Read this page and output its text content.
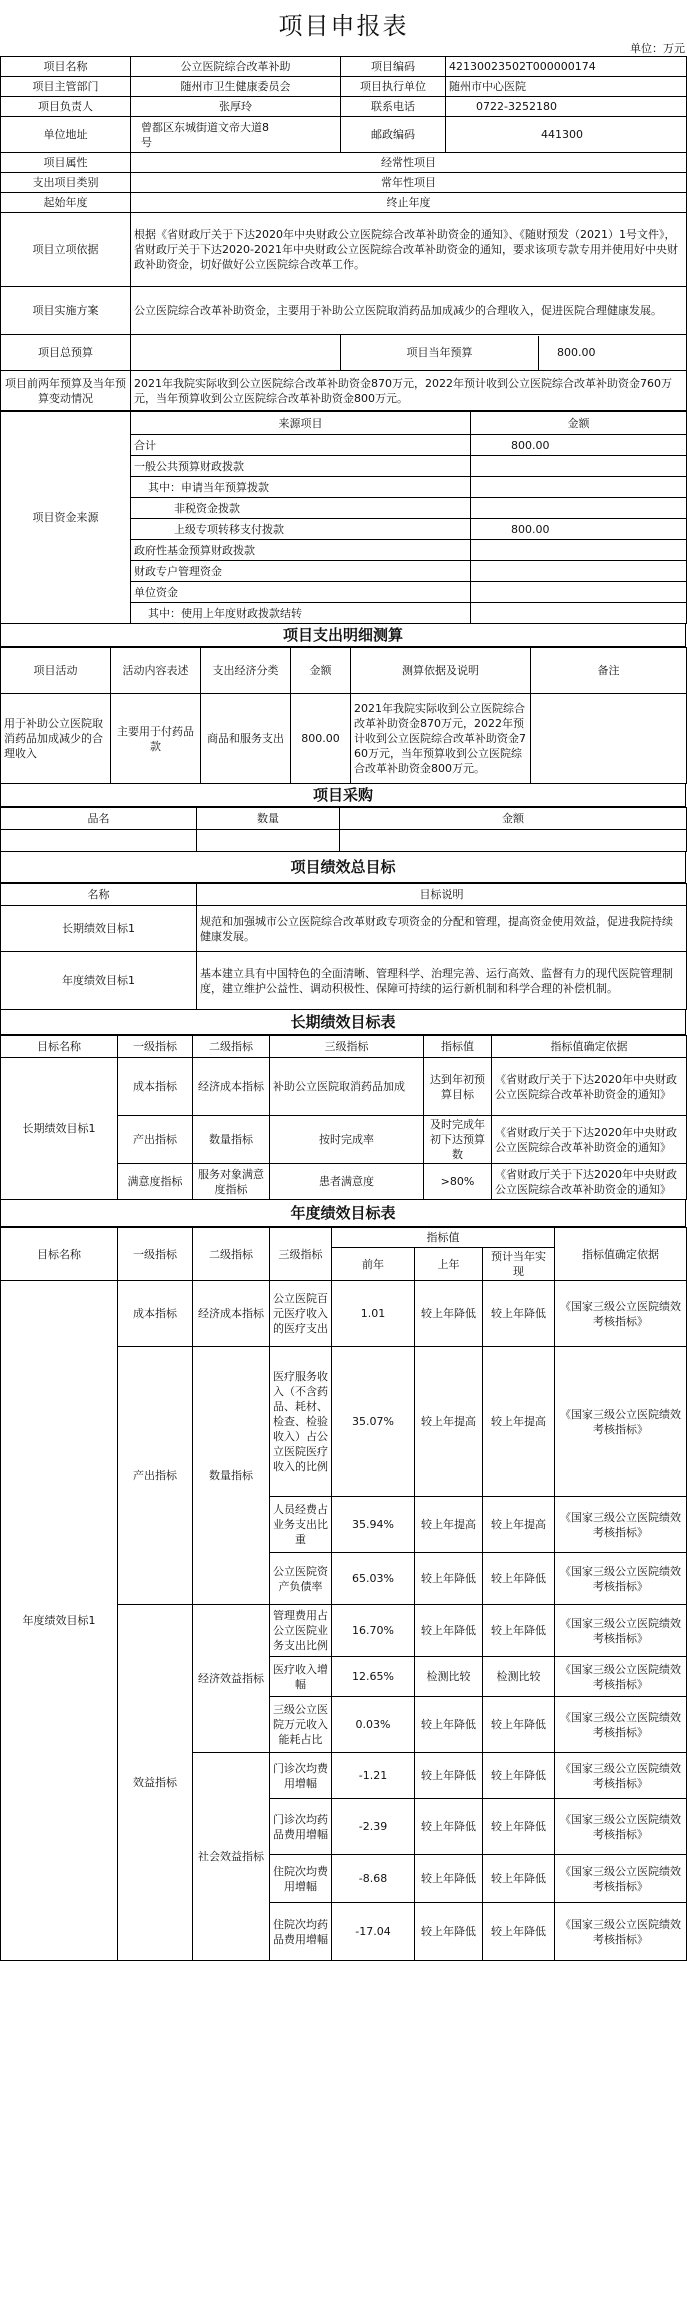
项目申报表
单位：万元
项目名称	公立医院综合改革补助	项目编码	42130023502T000000174
项目主管部门	随州市卫生健康委员会	项目执行单位	随州市中心医院
项目负责人	张厚玲	联系电话	0722-3252180
单位地址	曾都区东城街道文帝大道8号	邮政编码	441300
项目属性	经常性项目		
支出项目类别	常年性项目		
起始年度	终止年度		
项目立项依据	根据《省财政厅关于下达2020年中央财政公立医院综合改革补助资金的通知》、《随财预发（2021）1号文件》，省财政厅关于下达2020-2021年中央财政公立医院综合改革补助资金的通知，要求该项专款专用并使用好中央财政补助资金，切好做好公立医院综合改革工作。		
项目实施方案	公立医院综合改革补助资金，主要用于补助公立医院取消药品加成减少的合理收入，促进医院合理健康发展。		
项目总预算		项目当年预算 800.00	

项目前两年预算及当年预算变动情况	2021年我院实际收到公立医院综合改革补助资金870万元，2022年预计收到公立医院综合改革补助资金760万元，当年预算收到公立医院综合改革补助资金800万元。		
项目资金来源	来源项目	金额
	合计	800.00
	一般公共预算财政拨款	
	其中：申请当年预算拨款	
	非税资金拨款	
	上级专项转移支付拨款	800.00
	政府性基金预算财政拨款	
	财政专户管理资金	
	单位资金	
	其中：使用上年度财政拨款结转	
项目支出明细测算
项目活动	活动内容表述	支出经济分类	金额	测算依据及说明	备注
用于补助公立医院取消药品加成减少的合理收入	主要用于付药品款	商品和服务支出	800.00	2021年我院实际收到公立医院综合改革补助资金870万元，2022年预计收到公立医院综合改革补助资金760万元，当年预算收到公立医院综合改革补助资金800万元。	
项目采购
品名	数量	金额

项目绩效总目标
名称	目标说明
长期绩效目标1	规范和加强城市公立医院综合改革财政专项资金的分配和管理，提高资金使用效益，促进我院持续健康发展。
年度绩效目标1	基本建立具有中国特色的全面清晰、管理科学、治理完善、运行高效、监督有力的现代医院管理制度，建立维护公益性、调动积极性、保障可持续的运行新机制和科学合理的补偿机制。
长期绩效目标表
目标名称	一级指标	二级指标	三级指标	指标值	指标值确定依据
长期绩效目标1	成本指标	经济成本指标	补助公立医院取消药品加成	达到年初预算目标	《省财政厅关于下达2020年中央财政公立医院综合改革补助资金的通知》
	产出指标	数量指标	按时完成率	及时完成年初下达预算数	《省财政厅关于下达2020年中央财政公立医院综合改革补助资金的通知》
	满意度指标	服务对象满意度指标	患者满意度	>80%	《省财政厅关于下达2020年中央财政公立医院综合改革补助资金的通知》
年度绩效目标表
目标名称	一级指标	二级指标	三级指标	指标值			指标值确定依据
				前年	上年	预计当年实现	
年度绩效目标1	成本指标	经济成本指标	公立医院百元医疗收入的医疗支出	1.01	较上年降低	较上年降低	《国家三级公立医院绩效考核指标》
	产出指标	数量指标	医疗服务收入（不含药品、耗材、检查、检验收入）占公立医院医疗收入的比例	35.07%	较上年提高	较上年提高	《国家三级公立医院绩效考核指标》
			人员经费占业务支出比重	35.94%	较上年提高	较上年提高	《国家三级公立医院绩效考核指标》
			公立医院资产负债率	65.03%	较上年降低	较上年降低	《国家三级公立医院绩效考核指标》
	效益指标	经济效益指标	管理费用占公立医院业务支出比例	16.70%	较上年降低	较上年降低	《国家三级公立医院绩效考核指标》
			医疗收入增幅	12.65%	检测比较	检测比较	《国家三级公立医院绩效考核指标》
			三级公立医院万元收入能耗占比	0.03%	较上年降低	较上年降低	《国家三级公立医院绩效考核指标》
		社会效益指标	门诊次均费用增幅	-1.21	较上年降低	较上年降低	《国家三级公立医院绩效考核指标》
			门诊次均药品费用增幅	-2.39	较上年降低	较上年降低	《国家三级公立医院绩效考核指标》
			住院次均费用增幅	-8.68	较上年降低	较上年降低	《国家三级公立医院绩效考核指标》
			住院次均药品费用增幅	-17.04	较上年降低	较上年降低	《国家三级公立医院绩效考核指标》
